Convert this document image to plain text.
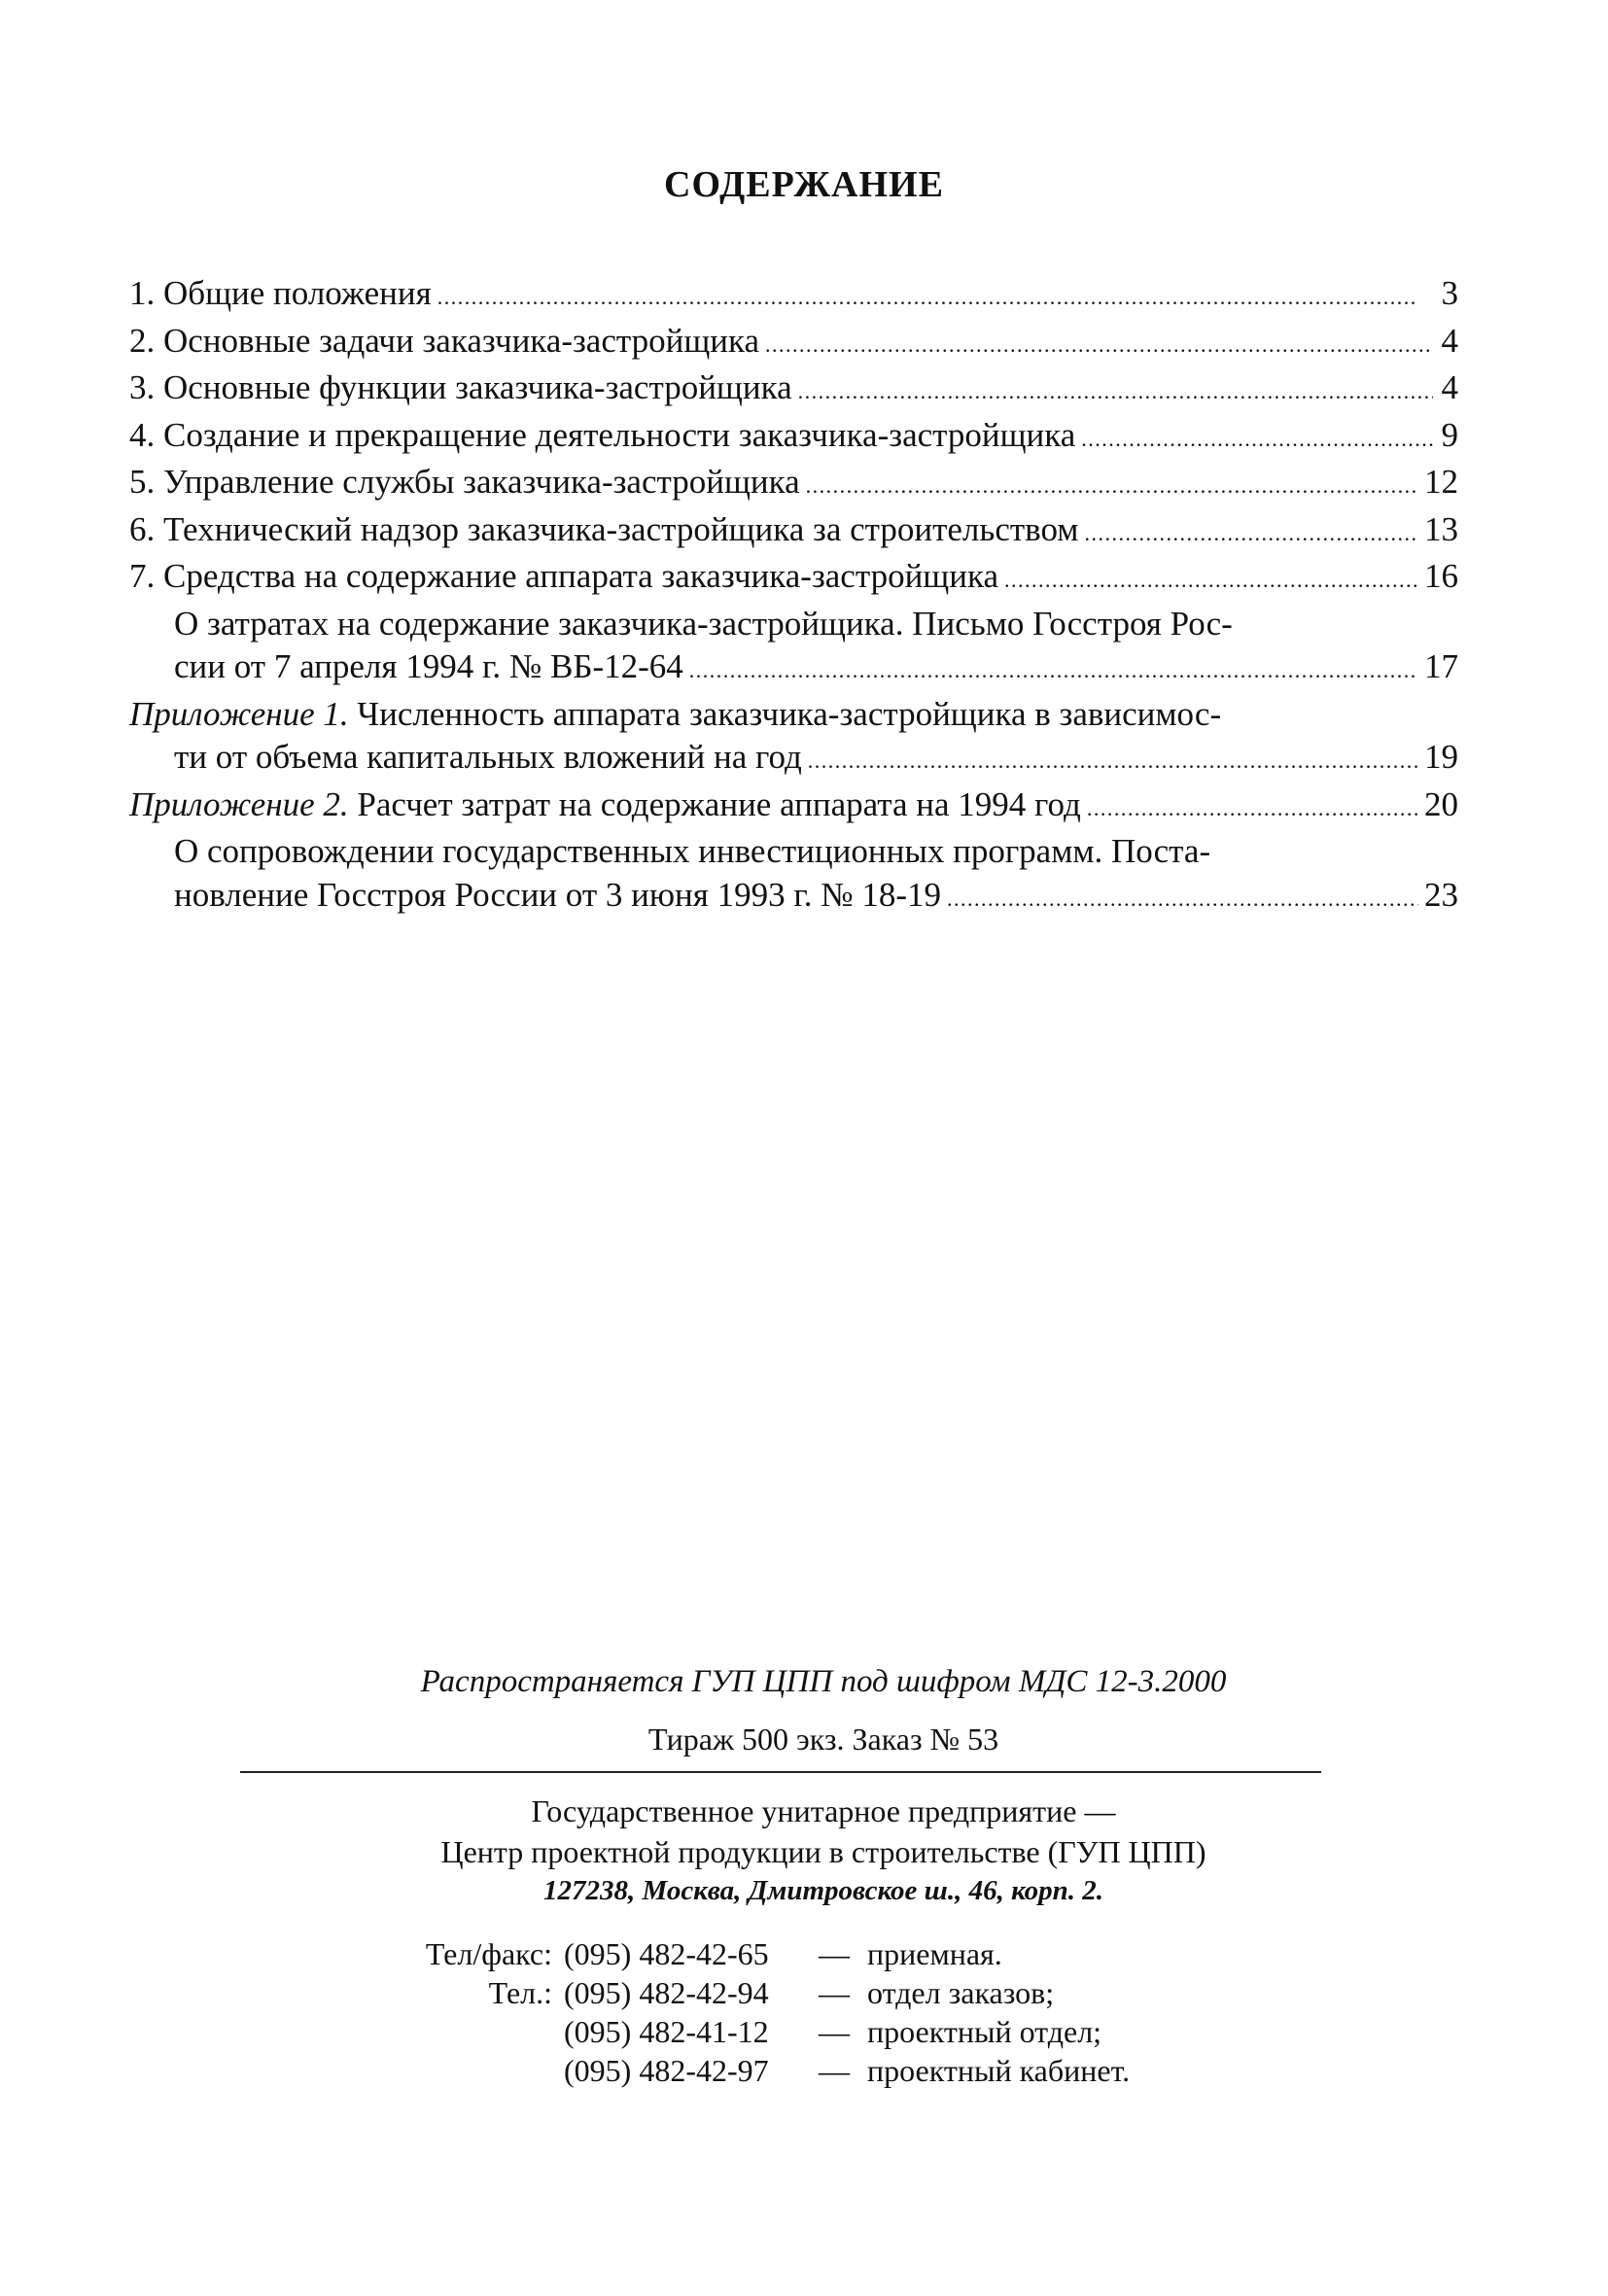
СОДЕРЖАНИЕ
1. Общие положения . . .	3
2. Основные задачи заказчика-застройщика . . .	4
3. Основные функции заказчика-застройщика . . .	4
4. Создание и прекращение деятельности заказчика-застройщика . . .	9
5. Управление службы заказчика-застройщика . . .	12
6. Технический надзор заказчика-застройщика за строительством . . .	13
7. Средства на содержание аппарата заказчика-застройщика . . .	16
О затратах на содержание заказчика-застройщика. Письмо Госстроя Рос-
сии от 7 апреля 1994 г. № ВБ-12-64 . . .	17
Приложение 1. Численность аппарата заказчика-застройщика в зависимос-
ти от объема капитальных вложений на год . . .	19
Приложение 2. Расчет затрат на содержание аппарата на 1994 год . . .	20
О сопровождении государственных инвестиционных программ. Поста-
новление Госстроя России от 3 июня 1993 г. № 18-19 . . .	23
Распространяется ГУП ЦПП под шифром МДС 12-3.2000
Тираж 500 экз. Заказ № 53
Государственное унитарное предприятие —
Центр проектной продукции в строительстве (ГУП ЦПП)
127238, Москва, Дмитровское ш., 46, корп. 2.
Тел/факс: (095) 482-42-65	— приемная.
Тел.: (095) 482-42-94	— отдел заказов;
(095) 482-41-12	— проектный отдел;
(095) 482-42-97	— проектный кабинет.
